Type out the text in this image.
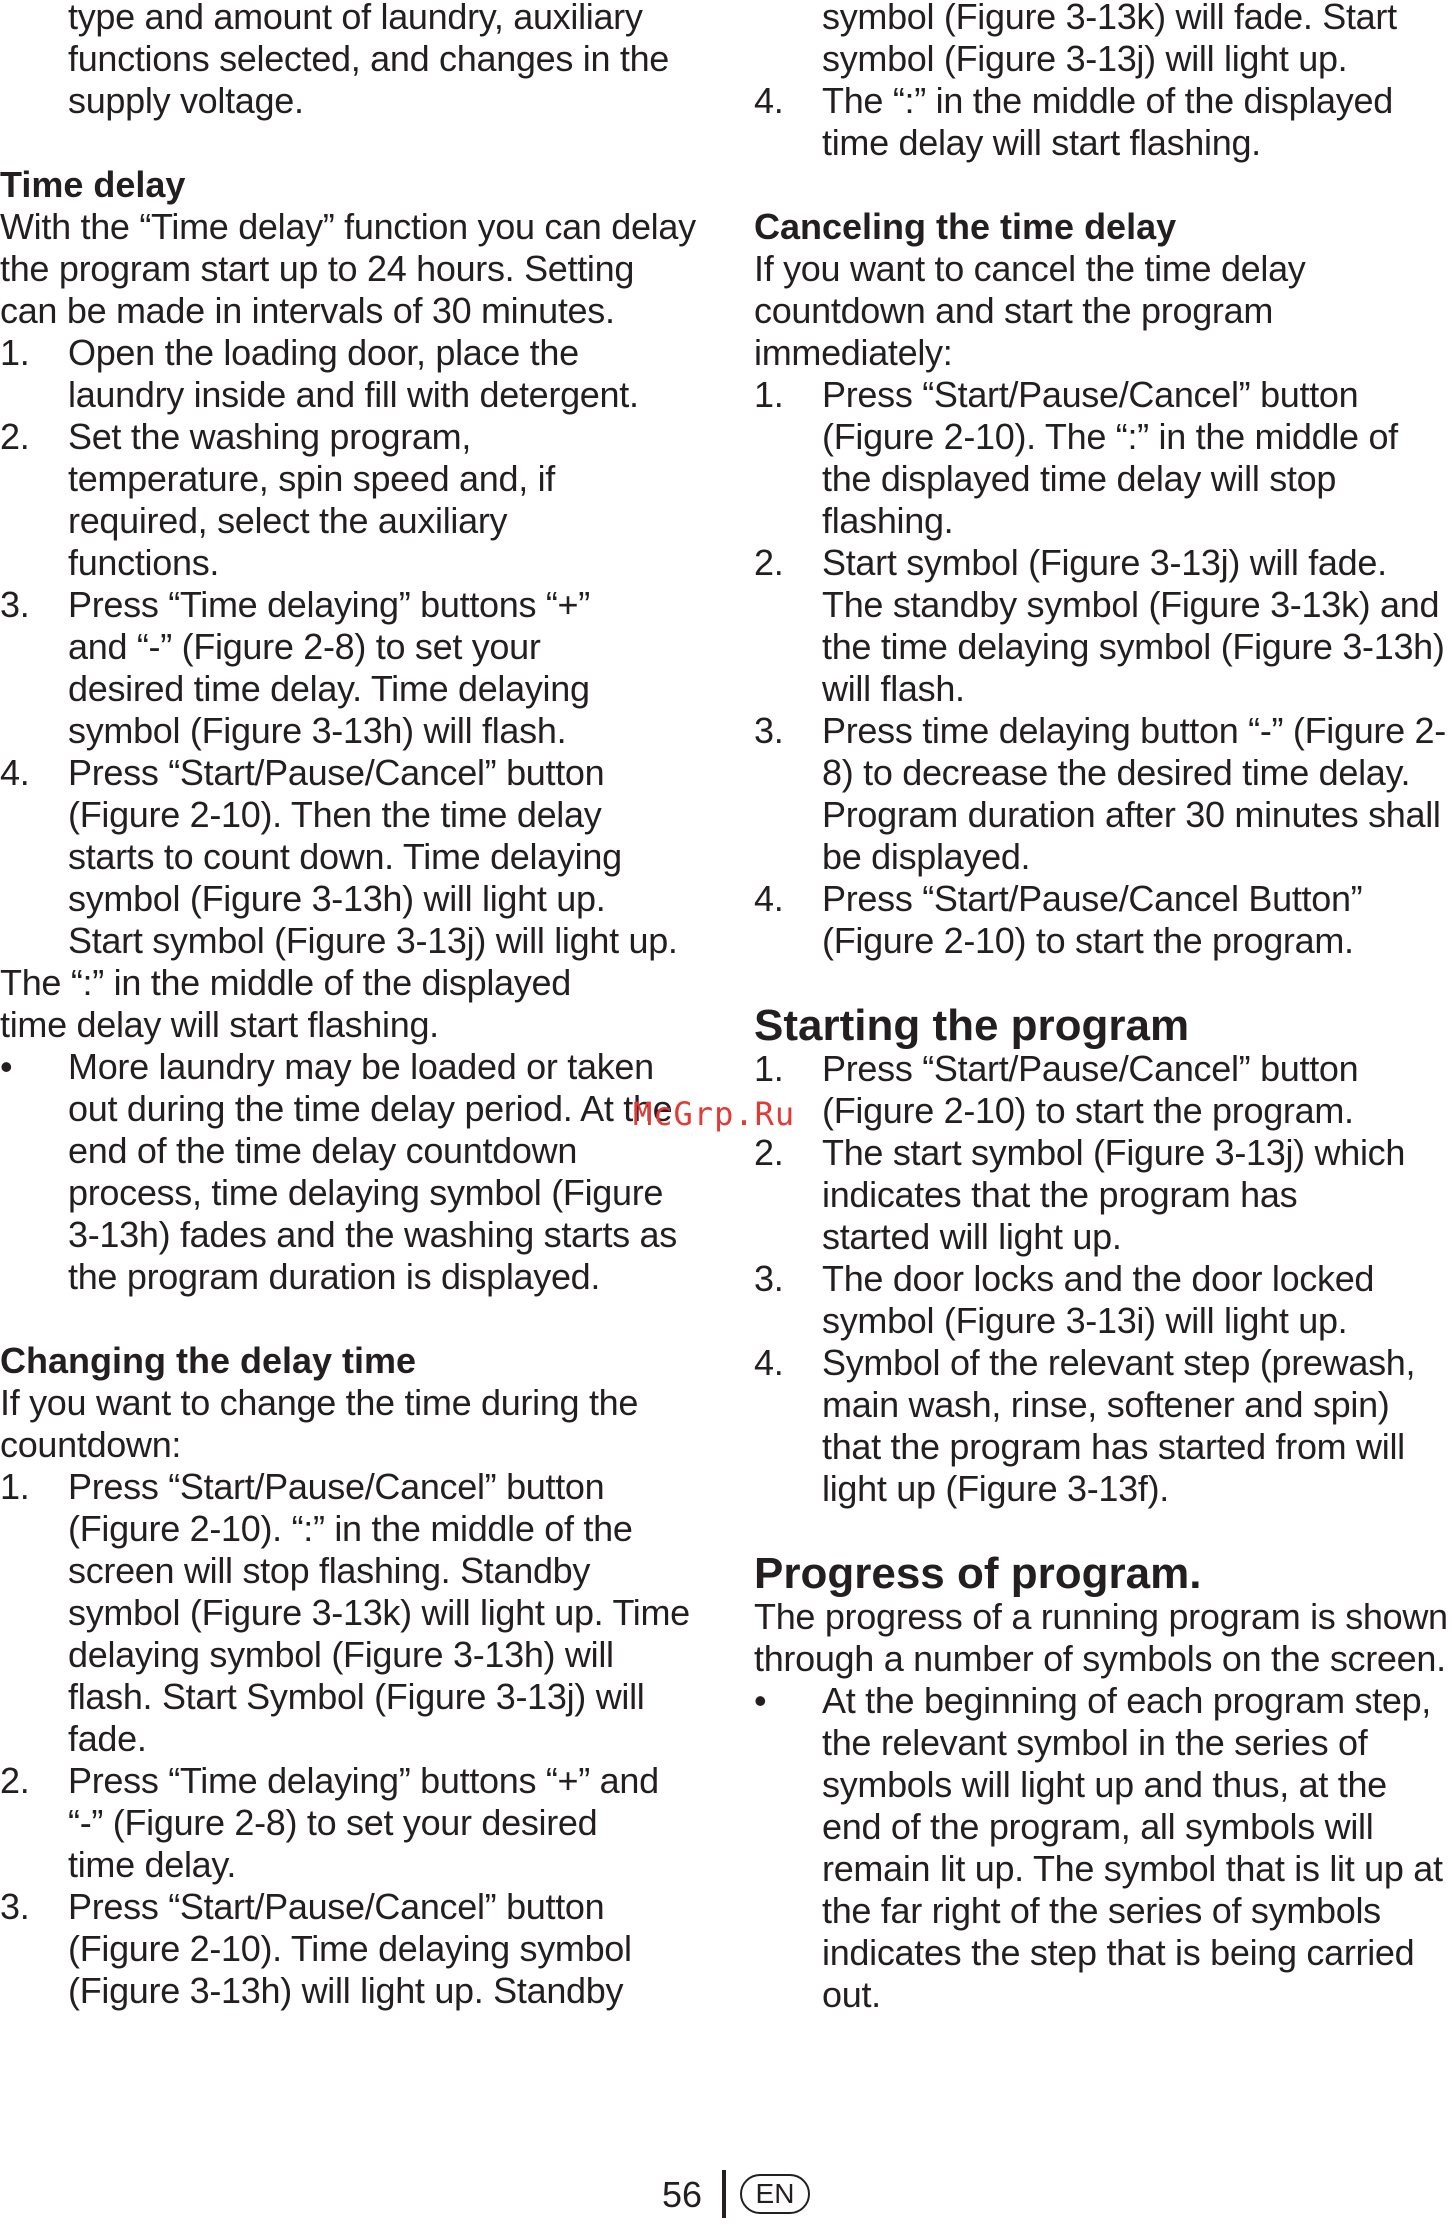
type and amount of laundry, auxiliary functions selected, and changes in the supply voltage.

Time delay

With the “Time delay” function you can delay the program start up to 24 hours. Setting can be made in intervals of 30 minutes.

1. Open the loading door, place the laundry inside and fill with detergent.
2. Set the washing program, temperature, spin speed and, if required, select the auxiliary functions.
3. Press “Time delaying” buttons “+” and “-” (Figure 2-8) to set your desired time delay. Time delaying symbol (Figure 3-13h) will flash.
4. Press “Start/Pause/Cancel” button (Figure 2-10). Then the time delay starts to count down. Time delaying symbol (Figure 3-13h) will light up. Start symbol (Figure 3-13j) will light up.

The “:” in the middle of the displayed time delay will start flashing.

• More laundry may be loaded or taken out during the time delay period. At the end of the time delay countdown process, time delaying symbol (Figure 3-13h) fades and the washing starts as the program duration is displayed.
Changing the delay time

If you want to change the time during the countdown:

1. Press “Start/Pause/Cancel” button (Figure 2-10). “:” in the middle of the screen will stop flashing. Standby symbol (Figure 3-13k) will light up. Time delaying symbol (Figure 3-13h) will flash. Start Symbol (Figure 3-13j) will fade.
2. Press “Time delaying” buttons “+” and “-” (Figure 2-8) to set your desired time delay.
3. Press “Start/Pause/Cancel” button (Figure 2-10). Time delaying symbol (Figure 3-13h) will light up. Standby
symbol (Figure 3-13k) will fade. Start symbol (Figure 3-13j) will light up.
4. The “:” in the middle of the displayed time delay will start flashing.
Canceling the time delay

If you want to cancel the time delay countdown and start the program immediately:

1. Press “Start/Pause/Cancel” button (Figure 2-10). The “:” in the middle of the displayed time delay will stop flashing.
2. Start symbol (Figure 3-13j) will fade. The standby symbol (Figure 3-13k) and the time delaying symbol (Figure 3-13h) will flash.
3. Press time delaying button “-” (Figure 2-8) to decrease the desired time delay. Program duration after 30 minutes shall be displayed.
4. Press “Start/Pause/Cancel Button” (Figure 2-10) to start the program.
Starting the program
1. Press “Start/Pause/Cancel” button (Figure 2-10) to start the program.
2. The start symbol (Figure 3-13j) which indicates that the program has started will light up.
3. The door locks and the door locked symbol (Figure 3-13i) will light up.
4. Symbol of the relevant step (prewash, main wash, rinse, softener and spin) that the program has started from will light up (Figure 3-13f).
Progress of program.

The progress of a running program is shown through a number of symbols on the screen.

• At the beginning of each program step, the relevant symbol in the series of symbols will light up and thus, at the end of the program, all symbols will remain lit up. The symbol that is lit up at the far right of the series of symbols indicates the step that is being carried out.
McGrp.Ru
56	EN
